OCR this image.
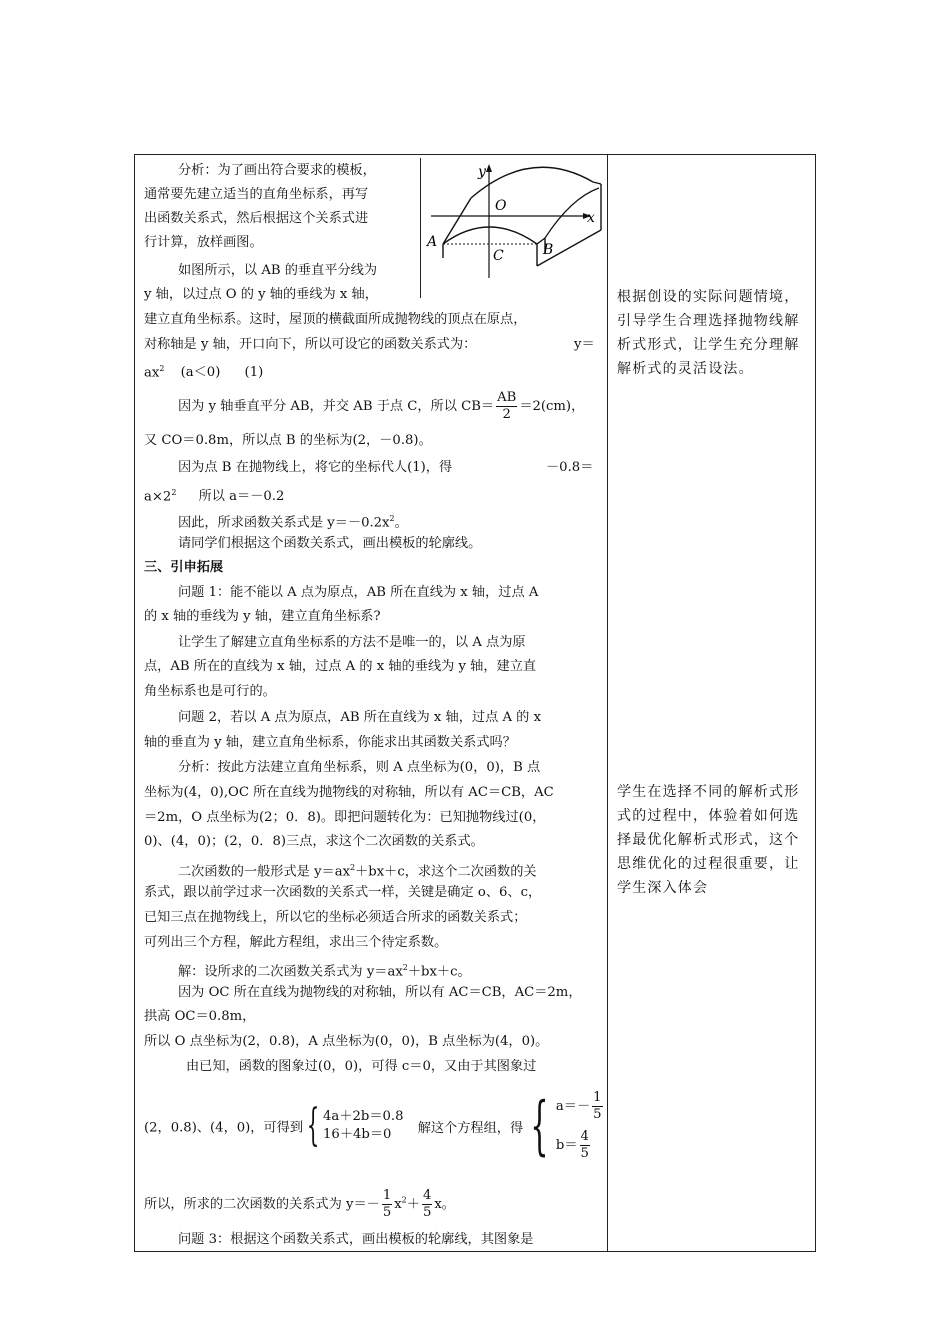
y
x
O
A
C	B
分析：为了画出符合要求的模板，
通常要先建立适当的直角坐标系，再写
出函数关系式，然后根据这个关系式进
行计算，放样画图。
如图所示，以 AB 的垂直平分线为
y 轴，以过点 O 的 y 轴的垂线为 x 轴，
建立直角坐标系。这时，屋顶的横截面所成抛物线的顶点在原点，
对称轴是 y 轴，开口向下，所以可设它的函数关系式为：	y＝
$ax^2$ (a＜0) (1)
因为 y 轴垂直平分 AB，并交 AB 于点 C，所以 $CB= \frac{AB}{2} =2(cm)$，
又 CO＝0.8m，所以点 B 的坐标为(2，－0.8)。
因为点 B 在抛物线上，将它的坐标代人(1)，得	－0.8＝
$a\times 2^2$ 所以 a＝－0.2
因此，所求函数关系式是 $y=-0.2x^2$。
请同学们根据这个函数关系式，画出模板的轮廓线。
三、引申拓展
问题 1：能不能以 A 点为原点，AB 所在直线为 x 轴，过点 A
的 x 轴的垂线为 y 轴，建立直角坐标系?
让学生了解建立直角坐标系的方法不是唯一的，以 A 点为原
点，AB 所在的直线为 x 轴，过点 A 的 x 轴的垂线为 y 轴，建立直
角坐标系也是可行的。
问题 2，若以 A 点为原点，AB 所在直线为 x 轴，过点 A 的 x
轴的垂直为 y 轴，建立直角坐标系，你能求出其函数关系式吗？
分析：按此方法建立直角坐标系，则 A 点坐标为(0，0)，B 点
坐标为(4，0),OC 所在直线为抛物线的对称轴，所以有 AC＝CB，AC
＝2m，O 点坐标为(2；0．8)。即把问题转化为：已知抛物线过(0，
0)、(4，0)；(2，0．8)三点，求这个二次函数的关系式。
二次函数的一般形式是 $y=ax^2+bx+c$，求这个二次函数的关
系式，跟以前学过求一次函数的关系式一样，关键是确定 o、6、c，
已知三点在抛物线上，所以它的坐标必须适合所求的函数关系式；
可列出三个方程，解此方程组，求出三个待定系数。
解：设所求的二次函数关系式为 $y=ax^2+bx+c$。
因为 OC 所在直线为抛物线的对称轴，所以有 AC＝CB，AC＝2m，
拱高 OC＝0.8m，
所以 O 点坐标为(2，0.8)，A 点坐标为(0，0)，B 点坐标为(4，0)。
由已知，函数的图象过(0，0)，可得 c＝0，又由于其图象过
(2，0.8)、(4，0)，可得到{ 4a＋2b＝0.8
16＋4b＝0	解这个方程组，得 { $a=- \frac{1}{5}$
$b= \frac{4}{5}$
所以，所求的二次函数的关系式为 $y=- \frac{1}{5} x^2+ \frac{4}{5}$ x。
问题 3：根据这个函数关系式，画出模板的轮廓线，其图象是
根据创设的实际问题情境，引导学生合理选择抛物线解析式形式，让学生充分理解解析式的灵活设法。
学生在选择不同的解析式形式的过程中，体验着如何选择最优化解析式形式，这个思维优化的过程很重要，让学生深入体会
